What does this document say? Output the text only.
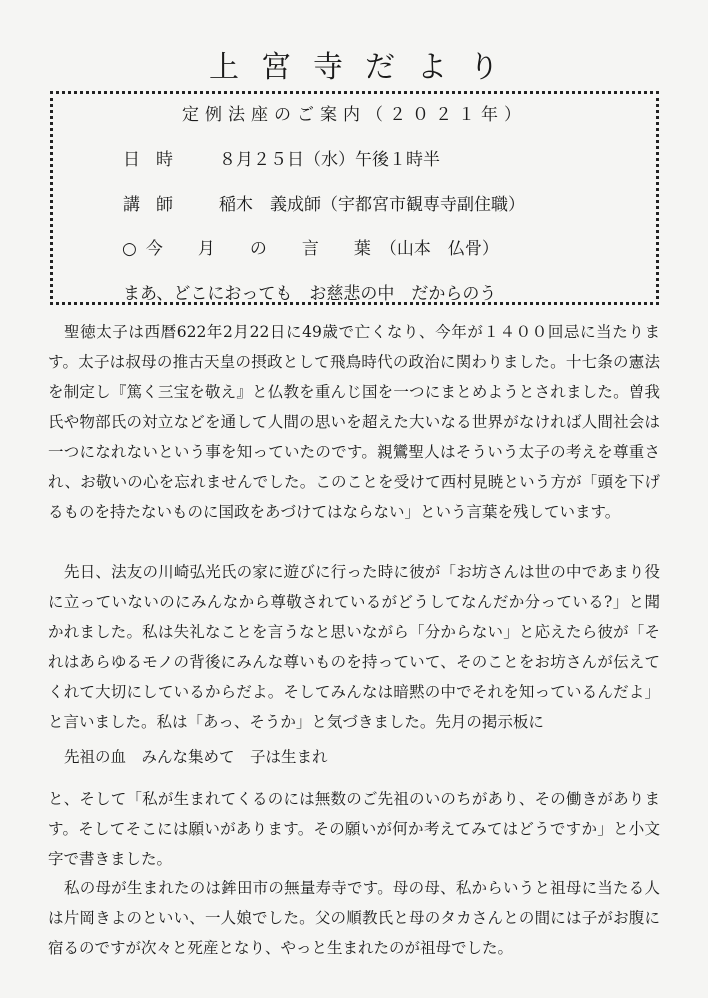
上宮寺だより
定例法座のご案内（２０２１年）
日時 ８月２５日（水）午後１時半
講師 稲木　義成師（宇都宮市観専寺副住職）
○今　月　の　言　葉（山本　仏骨）
まあ、どこにおっても　お慈悲の中　だからのう

聖徳太子は西暦622年2月22日に49歳で亡くなり、今年が１４００回忌に当たります。太子は叔母の推古天皇の摂政として飛鳥時代の政治に関わりました。十七条の憲法を制定し『篤く三宝を敬え』と仏教を重んじ国を一つにまとめようとされました。曽我氏や物部氏の対立などを通して人間の思いを超えた大いなる世界がなければ人間社会は一つになれないという事を知っていたのです。親鸞聖人はそういう太子の考えを尊重され、お敬いの心を忘れませんでした。このことを受けて西村見暁という方が「頭を下げるものを持たないものに国政をあづけてはならない」という言葉を残しています。

先日、法友の川崎弘光氏の家に遊びに行った時に彼が「お坊さんは世の中であまり役に立っていないのにみんなから尊敬されているがどうしてなんだか分っている?」と聞かれました。私は失礼なことを言うなと思いながら「分からない」と応えたら彼が「それはあらゆるモノの背後にみんな尊いものを持っていて、そのことをお坊さんが伝えてくれて大切にしているからだよ。そしてみんなは暗黙の中でそれを知っているんだよ」と言いました。私は「あっ、そうか」と気づきました。先月の掲示板に

先祖の血　みんな集めて　子は生まれ

と、そして「私が生まれてくるのには無数のご先祖のいのちがあり、その働きがあります。そしてそこには願いがあります。その願いが何か考えてみてはどうですか」と小文字で書きました。

私の母が生まれたのは鉾田市の無量寿寺です。母の母、私からいうと祖母に当たる人は片岡きよのといい、一人娘でした。父の順教氏と母のタカさんとの間には子がお腹に宿るのですが次々と死産となり、やっと生まれたのが祖母でした。
